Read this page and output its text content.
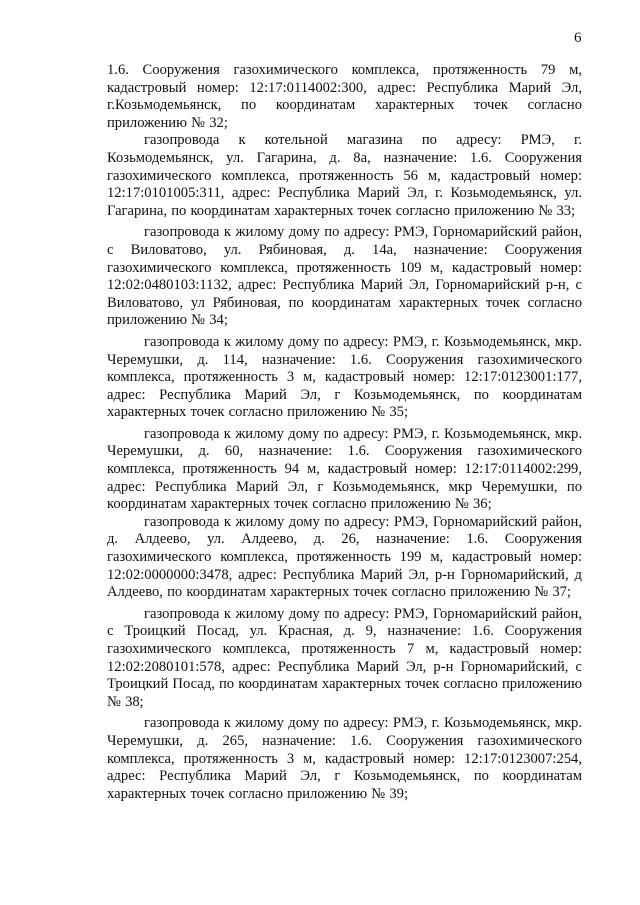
6

1.6. Сооружения газохимического комплекса, протяженность 79 м, кадастровый номер: 12:17:0114002:300, адрес: Республика Марий Эл, г.Козьмодемьянск, по координатам характерных точек согласно приложению № 32;

газопровода к котельной магазина по адресу: РМЭ, г. Козьмодемьянск, ул. Гагарина, д. 8а, назначение: 1.6. Сооружения газохимического комплекса, протяженность 56 м, кадастровый номер: 12:17:0101005:311, адрес: Республика Марий Эл, г. Козьмодемьянск, ул. Гагарина, по координатам характерных точек согласно приложению № 33;

газопровода к жилому дому по адресу: РМЭ, Горномарийский район, с Виловатово, ул. Рябиновая, д. 14а, назначение: Сооружения газохимического комплекса, протяженность 109 м, кадастровый номер: 12:02:0480103:1132, адрес: Республика Марий Эл, Горномарийский р-н, с Виловатово, ул Рябиновая, по координатам характерных точек согласно приложению № 34;

газопровода к жилому дому по адресу: РМЭ, г. Козьмодемьянск, мкр. Черемушки, д. 114, назначение: 1.6. Сооружения газохимического комплекса, протяженность 3 м, кадастровый номер: 12:17:0123001:177, адрес: Республика Марий Эл, г Козьмодемьянск, по координатам характерных точек согласно приложению № 35;

газопровода к жилому дому по адресу: РМЭ, г. Козьмодемьянск, мкр. Черемушки, д. 60, назначение: 1.6. Сооружения газохимического комплекса, протяженность 94 м, кадастровый номер: 12:17:0114002:299, адрес: Республика Марий Эл, г Козьмодемьянск, мкр Черемушки, по координатам характерных точек согласно приложению № 36;

газопровода к жилому дому по адресу: РМЭ, Горномарийский район, д. Алдеево, ул. Алдеево, д. 26, назначение: 1.6. Сооружения газохимического комплекса, протяженность 199 м, кадастровый номер: 12:02:0000000:3478, адрес: Республика Марий Эл, р-н Горномарийский, д Алдеево, по координатам характерных точек согласно приложению № 37;

газопровода к жилому дому по адресу: РМЭ, Горномарийский район, с Троицкий Посад, ул. Красная, д. 9, назначение: 1.6. Сооружения газохимического комплекса, протяженность 7 м, кадастровый номер: 12:02:2080101:578, адрес: Республика Марий Эл, р-н Горномарийский, с Троицкий Посад, по координатам характерных точек согласно приложению № 38;

газопровода к жилому дому по адресу: РМЭ, г. Козьмодемьянск, мкр. Черемушки, д. 265, назначение: 1.6. Сооружения газохимического комплекса, протяженность 3 м, кадастровый номер: 12:17:0123007:254, адрес: Республика Марий Эл, г Козьмодемьянск, по координатам характерных точек согласно приложению № 39;
